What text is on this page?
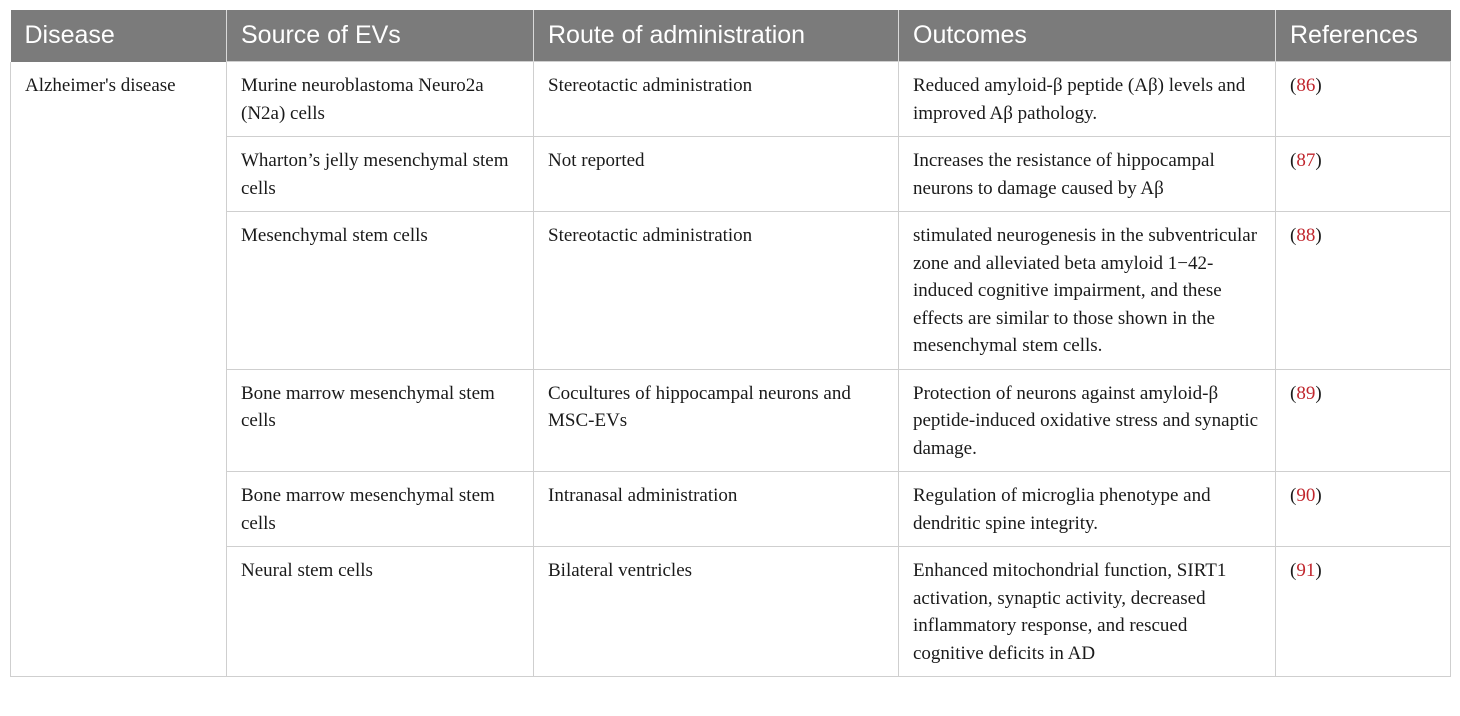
Disease	Source of EVs	Route of administration	Outcomes	References
Alzheimer's disease	Murine neuroblastoma Neuro2a (N2a) cells	Stereotactic administration	Reduced amyloid-β peptide (Aβ) levels and improved Aβ pathology.	(86)
	Wharton’s jelly mesenchymal stem cells	Not reported	Increases the resistance of hippocampal neurons to damage caused by Aβ	(87)
	Mesenchymal stem cells	Stereotactic administration	stimulated neurogenesis in the subventricular zone and alleviated beta amyloid 1−42-induced cognitive impairment, and these effects are similar to those shown in the mesenchymal stem cells.	(88)
	Bone marrow mesenchymal stem cells	Cocultures of hippocampal neurons and MSC-EVs	Protection of neurons against amyloid-β peptide-induced oxidative stress and synaptic damage.	(89)
	Bone marrow mesenchymal stem cells	Intranasal administration	Regulation of microglia phenotype and dendritic spine integrity.	(90)
	Neural stem cells	Bilateral ventricles	Enhanced mitochondrial function, SIRT1 activation, synaptic activity, decreased inflammatory response, and rescued cognitive deficits in AD	(91)
